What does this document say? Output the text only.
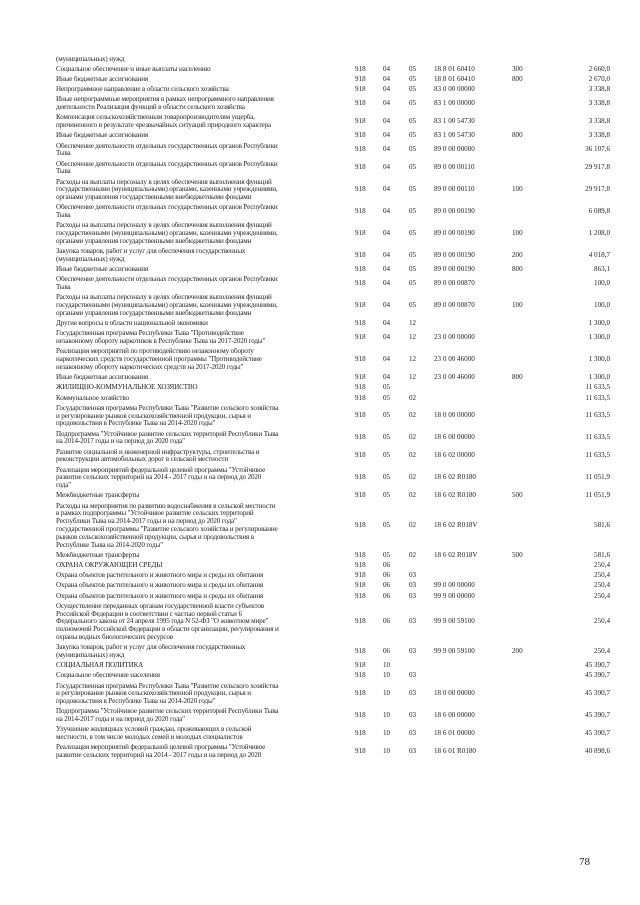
(муниципальных) нужд
Социальное обеспечение и иные выплаты населению	918 04	05	18 8 01 60410	300	2 660,0
Иные бюджетные ассигнования	918 04	05	18 8 01 60410	800	2 670,0
Непрограммное направление в области сельского хозяйства	918 04	05	83 0 00 00000	3 338,8
Иные непрограммные мероприятия в рамках непрограммного направления
деятельности Реализация функций в области сельского хозяйства	918 04	05	83 1 00 00000	3 338,8
Компенсация сельскохозяйственным товаропроизводителям ущерба,
причиненного в результате чрезвычайных ситуаций природного характера	918 04	05	83 1 00 54730	3 338,8
Иные бюджетные ассигнования	918 04	05	83 1 00 54730	800	3 338,8
Обеспечение деятельности отдельных государственных органов Республики
Тыва	918 04	05	89 0 00 00000	36 107,6
Обеспечение деятельности отдельных государственных органов Республики
Тыва	918 04	05	89 0 00 00110	29 917,8
Расходы на выплаты персоналу в целях обеспечения выполнения функций
государственными (муниципальными) органами, казенными учреждениями,
органами управления государственными внебюджетными фондами
918 04	05	89 0 00 00110	100	29 917,8
Обеспечение деятельности отдельных государственных органов Республики
Тыва	918 04	05	89 0 00 00190	6 089,8
Расходы на выплаты персоналу в целях обеспечения выполнения функций
государственными (муниципальными) органами, казенными учреждениями,
органами управления государственными внебюджетными фондами
918 04	05	89 0 00 00190	100	1 208,0
Закупка товаров, работ и услуг для обеспечения государственных
(муниципальных) нужд	918 04	05	89 0 00 00190	200	4 018,7
Иные бюджетные ассигнования	918 04	05	89 0 00 00190	800	863,1
Обеспечение деятельности отдельных государственных органов Республики
Тыва	918 04	05	89 0 00 00870	100,0
Расходы на выплаты персоналу в целях обеспечения выполнения функций
государственными (муниципальными) органами, казенными учреждениями,
органами управления государственными внебюджетными фондами
918 04	05	89 0 00 00870	100	100,0
Другие вопросы в области национальной экономики	918 04	12	1 300,0
Государственная программа Республики Тыва "Противодействие
незаконному обороту наркотиков в Республике Тыва на 2017-2020 годы"	918 04	12	23 0 00 00000	1 300,0
Реализация мероприятий по противодействию незаконному обороту
наркотических средств государственной программы "Противодействие
незаконному обороту наркотических средств на 2017-2020 годы"
918 04	12	23 0 00 46000	1 300,0
Иные бюджетные ассигнования	918 04	12	23 0 00 46000	800	1 300,0
ЖИЛИЩНО-КОММУНАЛЬНОЕ ХОЗЯЙСТВО	918 05	11 633,5
Коммунальное хозяйство	918 05	02	11 633,5
Государственная программа Республики Тыва "Развитие сельского хозяйства
и регулирование рынков сельскохозяйственной продукции, сырья и
продовольствия в Республике Тыва на 2014-2020 годы"
918 05	02	18 0 00 00000	11 633,5
Подпрограмма "Устойчивое развитие сельских территорий Республики Тыва
на 2014-2017 годы и на период до 2020 года"	918 05	02	18 6 00 00000	11 633,5
Развитие социальной и инженерной инфраструктуры, строительства и
реконструкции автомобильных дорог в сельской местности	918 05	02	18 6 02 00000	11 633,5
Реализация мероприятий федеральной целевой программы "Устойчивое
развитие сельских территорий на 2014 - 2017 годы и на период до 2020
года"
918 05	02	18 6 02 R0180	11 051,9
Межбюджетные трансферты	918 05	02	18 6 02 R0180	500	11 051,9
Расходы на мероприятия по развитию водоснабжения в сельской местности
в рамках подпрограммы "Устойчивое развитие сельских территорий
Республики Тыва на 2014-2017 годы и на период до 2020 года"
государственной программы "Развитие сельского хозяйства и регулирование
рынков сельскохозяйственной продукции, сырья и продовольствия в
Республике Тыва на 2014-2020 годы"
918 05	02	18 6 02 R018V	581,6
Межбюджетные трансферты	918 05	02	18 6 02 R018V	500	581,6
ОХРАНА ОКРУЖАЮЩЕЙ СРЕДЫ	918 06	250,4
Охрана объектов растительного и животного мира и среды их обитания	918 06	03	250,4
Охрана объектов растительного и животного мира и среды их обитания	918 06	03	99 0 00 00000	250,4
Охрана объектов растительного и животного мира и среды их обитания	918 06	03	99 9 00 00000	250,4
Осуществление переданных органам государственной власти субъектов
Российской Федерации в соответствии с частью первой статьи 6
Федерального закона от 24 апреля 1995 года N 52-ФЗ "О животном мире"
полномочий Российской Федерации в области организации, регулирования и
охраны водных биологических ресурсов
918 06	03	99 9 00 59100	250,4
Закупка товаров, работ и услуг для обеспечения государственных
(муниципальных) нужд	918 06	03	99 9 00 59100	200	250,4
СОЦИАЛЬНАЯ ПОЛИТИКА	918 10	45 390,7
Социальное обеспечение населения	918 10	03	45 390,7
Государственная программа Республики Тыва "Развитие сельского хозяйства
и регулирование рынков сельскохозяйственной продукции, сырья и
продовольствия в Республике Тыва на 2014-2020 годы"
918 10	03	18 0 00 00000	45 390,7
Подпрограмма "Устойчивое развитие сельских территорий Республики Тыва
на 2014-2017 годы и на период до 2020 года"	918 10	03	18 6 00 00000	45 390,7
Улучшение жилищных условий граждан, проживающих в сельской
местности, в том числе молодых семей и молодых специалистов	918 10	03	18 6 01 00000	45 390,7
Реализация мероприятий федеральной целевой программы "Устойчивое
развитие сельских территорий на 2014 - 2017 годы и на период до 2020	918 10	03	18 6 01 R0180	40 898,6
78
